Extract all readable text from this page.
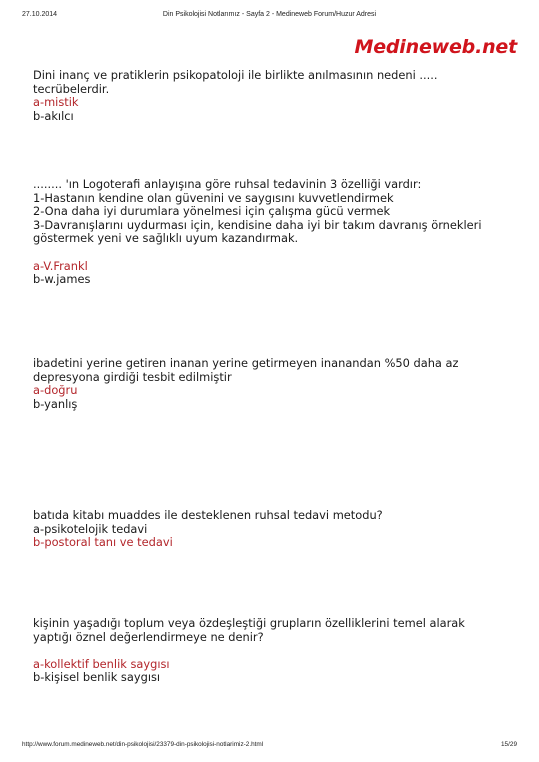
27.10.2014	Din Psikolojisi Notlarımız - Sayfa 2 - Medineweb Forum/Huzur Adresi
Medineweb.net
Dini inanç ve pratiklerin psikopatoloji ile birlikte anılmasının nedeni .....
tecrübelerdir.
a-mistik
b-akılcı
........ 'ın Logoterafi anlayışına göre ruhsal tedavinin 3 özelliği vardır:
1-Hastanın kendine olan güvenini ve saygısını kuvvetlendirmek
2-Ona daha iyi durumlara yönelmesi için çalışma gücü vermek
3-Davranışlarını uydurması için, kendisine daha iyi bir takım davranış örnekleri
göstermek yeni ve sağlıklı uyum kazandırmak.
a-V.Frankl
b-w.james
ibadetini yerine getiren inanan yerine getirmeyen inanandan %50 daha az
depresyona girdiği tesbit edilmiştir
a-doğru
b-yanlış
batıda kitabı muaddes ile desteklenen ruhsal tedavi metodu?
a-psikotelojik tedavi
b-postoral tanı ve tedavi
kişinin yaşadığı toplum veya özdeşleştiği grupların özelliklerini temel alarak
yaptığı öznel değerlendirmeye ne denir?
a-kollektif benlik saygısı
b-kişisel benlik saygısı
http://www.forum.medineweb.net/din-psikolojisi/23379-din-psikolojisi-notlarimiz-2.html	15/29
